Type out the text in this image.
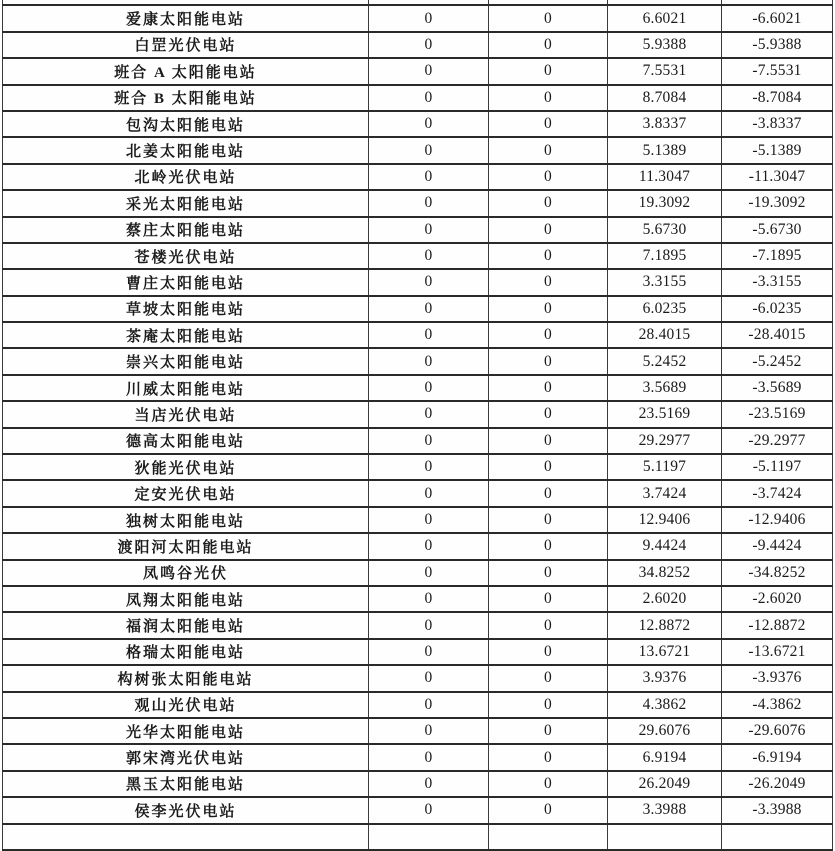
爱康太阳能电站	0	0	6.6021	-6.6021
白罡光伏电站	0	0	5.9388	-5.9388
班合 A 太阳能电站	0	0	7.5531	-7.5531
班合 B 太阳能电站	0	0	8.7084	-8.7084
包沟太阳能电站	0	0	3.8337	-3.8337
北姜太阳能电站	0	0	5.1389	-5.1389
北岭光伏电站	0	0	11.3047	-11.3047
采光太阳能电站	0	0	19.3092	-19.3092
蔡庄太阳能电站	0	0	5.6730	-5.6730
苍楼光伏电站	0	0	7.1895	-7.1895
曹庄太阳能电站	0	0	3.3155	-3.3155
草坡太阳能电站	0	0	6.0235	-6.0235
茶庵太阳能电站	0	0	28.4015	-28.4015
崇兴太阳能电站	0	0	5.2452	-5.2452
川威太阳能电站	0	0	3.5689	-3.5689
当店光伏电站	0	0	23.5169	-23.5169
德高太阳能电站	0	0	29.2977	-29.2977
狄能光伏电站	0	0	5.1197	-5.1197
定安光伏电站	0	0	3.7424	-3.7424
独树太阳能电站	0	0	12.9406	-12.9406
渡阳河太阳能电站	0	0	9.4424	-9.4424
凤鸣谷光伏	0	0	34.8252	-34.8252
凤翔太阳能电站	0	0	2.6020	-2.6020
福润太阳能电站	0	0	12.8872	-12.8872
格瑞太阳能电站	0	0	13.6721	-13.6721
构树张太阳能电站	0	0	3.9376	-3.9376
观山光伏电站	0	0	4.3862	-4.3862
光华太阳能电站	0	0	29.6076	-29.6076
郭宋湾光伏电站	0	0	6.9194	-6.9194
黑玉太阳能电站	0	0	26.2049	-26.2049
侯李光伏电站	0	0	3.3988	-3.3988
